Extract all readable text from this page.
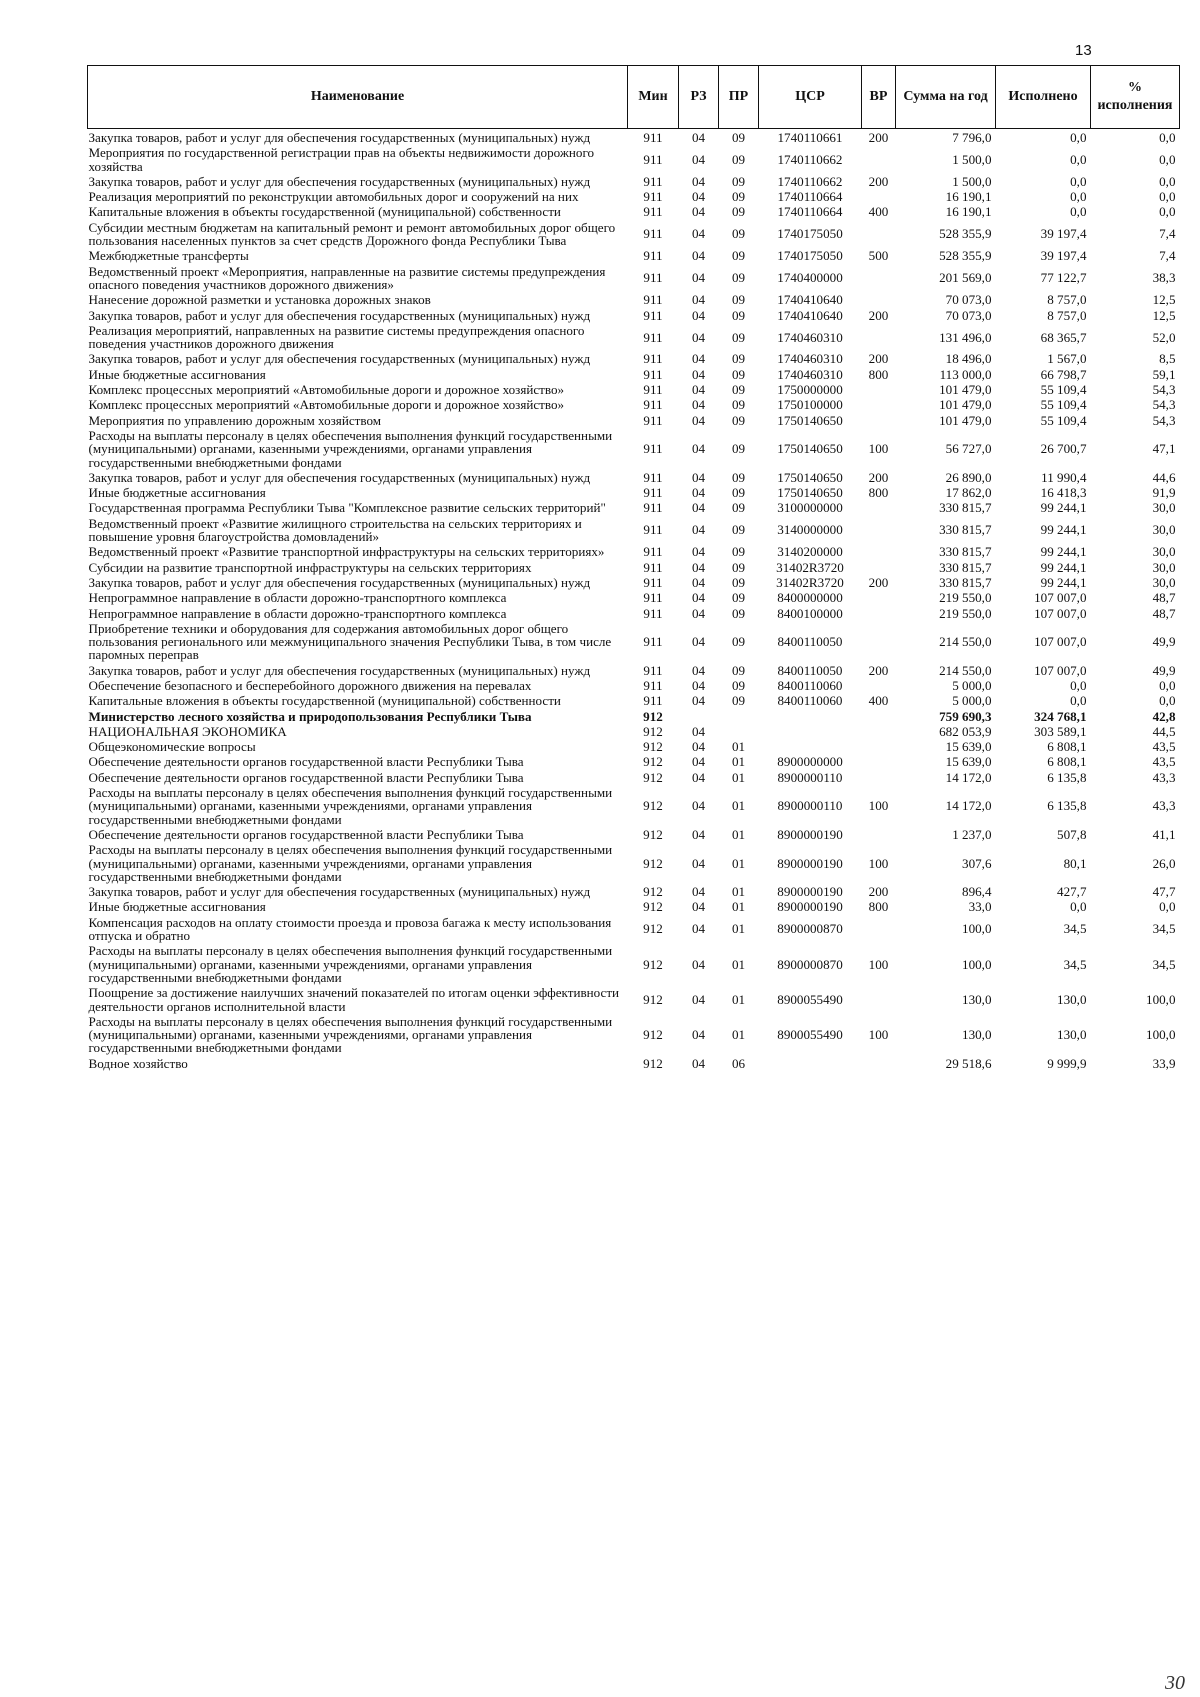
13
Наименование	Мин	РЗ	ПР	ЦСР	ВР	Сумма на год	Исполнено	% исполнения
Закупка товаров, работ и услуг для обеспечения государственных (муниципальных) нужд	911	04	09	1740110661	200	7 796,0	0,0	0,0
Мероприятия по государственной регистрации прав на объекты недвижимости дорожного хозяйства	911	04	09	1740110662		1 500,0	0,0	0,0
Закупка товаров, работ и услуг для обеспечения государственных (муниципальных) нужд	911	04	09	1740110662	200	1 500,0	0,0	0,0
Реализация мероприятий по реконструкции автомобильных дорог и сооружений на них	911	04	09	1740110664		16 190,1	0,0	0,0
Капитальные вложения в объекты государственной (муниципальной) собственности	911	04	09	1740110664	400	16 190,1	0,0	0,0
Субсидии местным бюджетам на капитальный ремонт и ремонт автомобильных дорог общего пользования населенных пунктов за счет средств Дорожного фонда Республики Тыва	911	04	09	1740175050		528 355,9	39 197,4	7,4
Межбюджетные трансферты	911	04	09	1740175050	500	528 355,9	39 197,4	7,4
Ведомственный проект «Мероприятия, направленные на развитие системы предупреждения опасного поведения участников дорожного движения»	911	04	09	1740400000		201 569,0	77 122,7	38,3
Нанесение дорожной разметки и установка дорожных знаков	911	04	09	1740410640		70 073,0	8 757,0	12,5
Закупка товаров, работ и услуг для обеспечения государственных (муниципальных) нужд	911	04	09	1740410640	200	70 073,0	8 757,0	12,5
Реализация мероприятий, направленных на развитие системы предупреждения опасного поведения участников дорожного движения	911	04	09	1740460310		131 496,0	68 365,7	52,0
Закупка товаров, работ и услуг для обеспечения государственных (муниципальных) нужд	911	04	09	1740460310	200	18 496,0	1 567,0	8,5
Иные бюджетные ассигнования	911	04	09	1740460310	800	113 000,0	66 798,7	59,1
Комплекс процессных мероприятий «Автомобильные дороги и дорожное хозяйство»	911	04	09	1750000000		101 479,0	55 109,4	54,3
Комплекс процессных мероприятий «Автомобильные дороги и дорожное хозяйство»	911	04	09	1750100000		101 479,0	55 109,4	54,3
Мероприятия по управлению дорожным хозяйством	911	04	09	1750140650		101 479,0	55 109,4	54,3
Расходы на выплаты персоналу в целях обеспечения выполнения функций государственными (муниципальными) органами, казенными учреждениями, органами управления государственными внебюджетными фондами	911	04	09	1750140650	100	56 727,0	26 700,7	47,1
Закупка товаров, работ и услуг для обеспечения государственных (муниципальных) нужд	911	04	09	1750140650	200	26 890,0	11 990,4	44,6
Иные бюджетные ассигнования	911	04	09	1750140650	800	17 862,0	16 418,3	91,9
Государственная программа Республики Тыва "Комплексное развитие сельских территорий"	911	04	09	3100000000		330 815,7	99 244,1	30,0
Ведомственный проект «Развитие жилищного строительства на сельских территориях и повышение уровня благоустройства домовладений»	911	04	09	3140000000		330 815,7	99 244,1	30,0
Ведомственный проект «Развитие транспортной инфраструктуры на сельских территориях»	911	04	09	3140200000		330 815,7	99 244,1	30,0
Субсидии на развитие транспортной инфраструктуры на сельских территориях	911	04	09	31402R3720		330 815,7	99 244,1	30,0
Закупка товаров, работ и услуг для обеспечения государственных (муниципальных) нужд	911	04	09	31402R3720	200	330 815,7	99 244,1	30,0
Непрограммное направление в области дорожно-транспортного комплекса	911	04	09	8400000000		219 550,0	107 007,0	48,7
Непрограммное направление в области дорожно-транспортного комплекса	911	04	09	8400100000		219 550,0	107 007,0	48,7
Приобретение техники и оборудования для содержания автомобильных дорог общего пользования регионального или межмуниципального значения Республики Тыва, в том числе паромных переправ	911	04	09	8400110050		214 550,0	107 007,0	49,9
Закупка товаров, работ и услуг для обеспечения государственных (муниципальных) нужд	911	04	09	8400110050	200	214 550,0	107 007,0	49,9
Обеспечение безопасного и бесперебойного дорожного движения на перевалах	911	04	09	8400110060		5 000,0	0,0	0,0
Капитальные вложения в объекты государственной (муниципальной) собственности	911	04	09	8400110060	400	5 000,0	0,0	0,0
Министерство лесного хозяйства и природопользования Республики Тыва	912					759 690,3	324 768,1	42,8
НАЦИОНАЛЬНАЯ ЭКОНОМИКА	912	04				682 053,9	303 589,1	44,5
Общеэкономические вопросы	912	04	01			15 639,0	6 808,1	43,5
Обеспечение деятельности органов государственной власти Республики Тыва	912	04	01	8900000000		15 639,0	6 808,1	43,5
Обеспечение деятельности органов государственной власти Республики Тыва	912	04	01	8900000110		14 172,0	6 135,8	43,3
Расходы на выплаты персоналу в целях обеспечения выполнения функций государственными (муниципальными) органами, казенными учреждениями, органами управления государственными внебюджетными фондами	912	04	01	8900000110	100	14 172,0	6 135,8	43,3
Обеспечение деятельности органов государственной власти Республики Тыва	912	04	01	8900000190		1 237,0	507,8	41,1
Расходы на выплаты персоналу в целях обеспечения выполнения функций государственными (муниципальными) органами, казенными учреждениями, органами управления государственными внебюджетными фондами	912	04	01	8900000190	100	307,6	80,1	26,0
Закупка товаров, работ и услуг для обеспечения государственных (муниципальных) нужд	912	04	01	8900000190	200	896,4	427,7	47,7
Иные бюджетные ассигнования	912	04	01	8900000190	800	33,0	0,0	0,0
Компенсация расходов на оплату стоимости проезда и провоза багажа к месту использования отпуска и обратно	912	04	01	8900000870		100,0	34,5	34,5
Расходы на выплаты персоналу в целях обеспечения выполнения функций государственными (муниципальными) органами, казенными учреждениями, органами управления государственными внебюджетными фондами	912	04	01	8900000870	100	100,0	34,5	34,5
Поощрение за достижение наилучших значений показателей по итогам оценки эффективности деятельности органов исполнительной власти	912	04	01	8900055490		130,0	130,0	100,0
Расходы на выплаты персоналу в целях обеспечения выполнения функций государственными (муниципальными) органами, казенными учреждениями, органами управления государственными внебюджетными фондами	912	04	01	8900055490	100	130,0	130,0	100,0
Водное хозяйство	912	04	06			29 518,6	9 999,9	33,9
30
